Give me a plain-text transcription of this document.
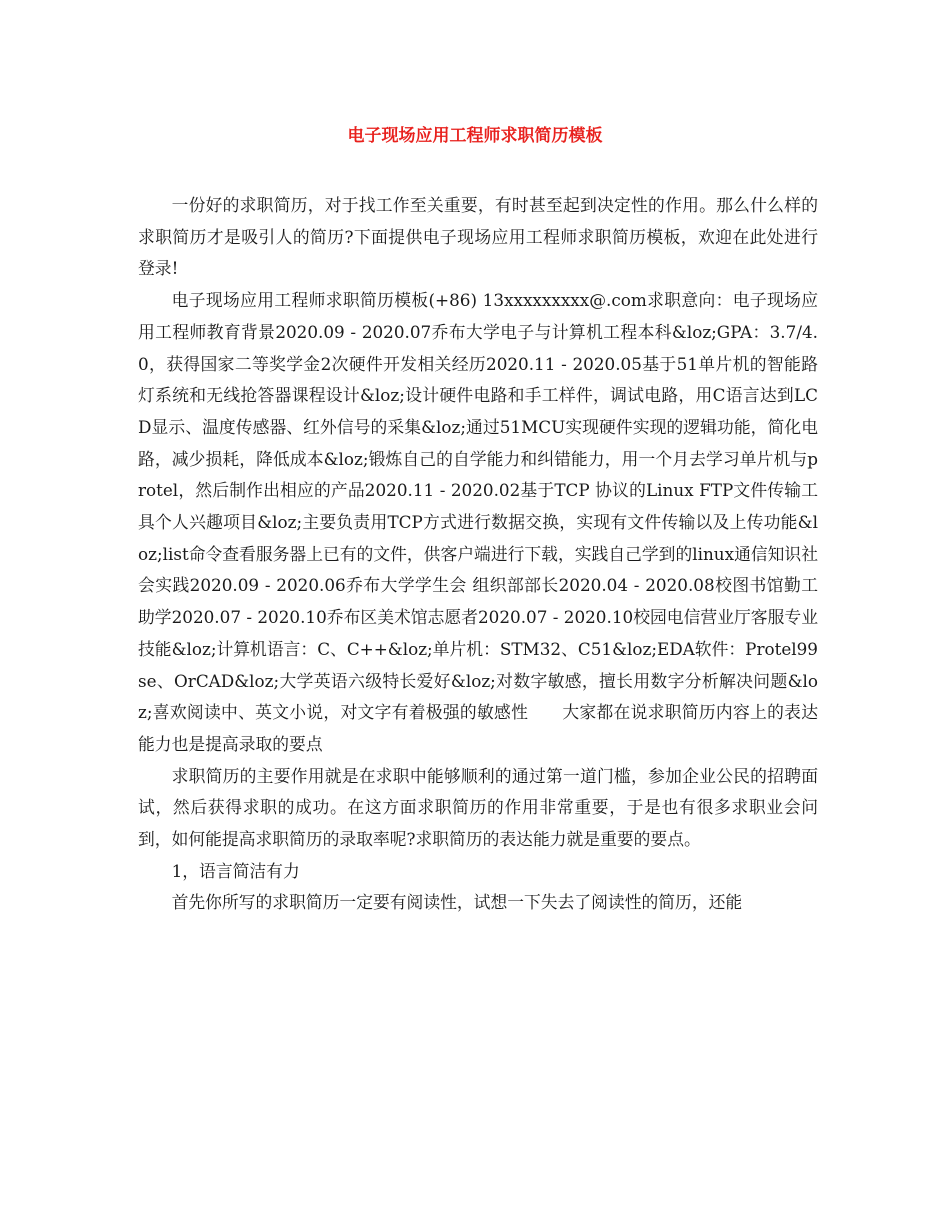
电子现场应用工程师求职简历模板

一份好的求职简历，对于找工作至关重要，有时甚至起到决定性的作用。那么什么样的求职简历才是吸引人的简历?下面提供电子现场应用工程师求职简历模板，欢迎在此处进行登录!

电子现场应用工程师求职简历模板(+86) 13xxxxxxxxx@.com求职意向：电子现场应用工程师教育背景2020.09 - 2020.07乔布大学电子与计算机工程本科&loz;GPA：3.7/4.0，获得国家二等奖学金2次硬件开发相关经历2020.11 - 2020.05基于51单片机的智能路灯系统和无线抢答器课程设计&loz;设计硬件电路和手工样件，调试电路，用C语言达到LCD显示、温度传感器、红外信号的采集&loz;通过51MCU实现硬件实现的逻辑功能，简化电路，减少损耗，降低成本&loz;锻炼自己的自学能力和纠错能力，用一个月去学习单片机与protel，然后制作出相应的产品2020.11 - 2020.02基于TCP 协议的Linux FTP文件传输工具个人兴趣项目&loz;主要负责用TCP方式进行数据交换，实现有文件传输以及上传功能&loz;list命令查看服务器上已有的文件，供客户端进行下载，实践自己学到的linux通信知识社会实践2020.09 - 2020.06乔布大学学生会 组织部部长2020.04 - 2020.08校图书馆勤工助学2020.07 - 2020.10乔布区美术馆志愿者2020.07 - 2020.10校园电信营业厅客服专业技能&loz;计算机语言：C、C++&loz;单片机：STM32、C51&loz;EDA软件：Protel99se、OrCAD&loz;大学英语六级特长爱好&loz;对数字敏感，擅长用数字分析解决问题&loz;喜欢阅读中、英文小说，对文字有着极强的敏感性　　大家都在说求职简历内容上的表达能力也是提高录取的要点

求职简历的主要作用就是在求职中能够顺利的通过第一道门槛，参加企业公民的招聘面试，然后获得求职的成功。在这方面求职简历的作用非常重要，于是也有很多求职业会问到，如何能提高求职简历的录取率呢?求职简历的表达能力就是重要的要点。

1，语言简洁有力

首先你所写的求职简历一定要有阅读性，试想一下失去了阅读性的简历，还能
